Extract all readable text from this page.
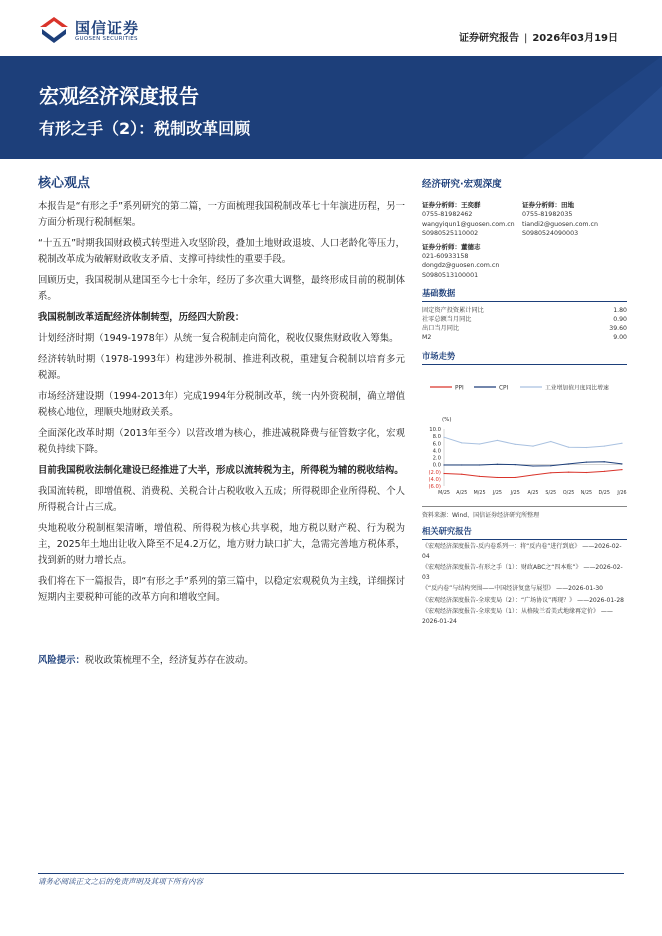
国信证券
GUOSEN SECURITIES	证券研究报告 | 2026年03月19日
宏观经济深度报告
有形之手（2）：税制改革回顾
核心观点

本报告是“有形之手”系列研究的第二篇，一方面梳理我国税制改革七十年演进历程，另一方面分析现行税制框架。

“十五五”时期我国财政模式转型进入攻坚阶段，叠加土地财政退坡、人口老龄化等压力，税制改革成为破解财政收支矛盾、支撑可持续性的重要手段。

回顾历史，我国税制从建国至今七十余年，经历了多次重大调整，最终形成目前的税制体系。

我国税制改革适配经济体制转型，历经四大阶段：

计划经济时期（1949-1978年）从统一复合税制走向简化，税收仅聚焦财政收入筹集。

经济转轨时期（1978-1993年）构建涉外税制、推进利改税，重建复合税制以培育多元税源。

市场经济建设期（1994-2013年）完成1994年分税制改革，统一内外资税制，确立增值税核心地位，理顺央地财政关系。

全面深化改革时期（2013年至今）以营改增为核心，推进减税降费与征管数字化，宏观税负持续下降。

目前我国税收法制化建设已经推进了大半，形成以流转税为主，所得税为辅的税收结构。

我国流转税，即增值税、消费税、关税合计占税收收入五成；所得税即企业所得税、个人所得税合计占三成。

央地税收分税制框架清晰，增值税、所得税为核心共享税，地方税以财产税、行为税为主，2025年土地出让收入降至不足4.2万亿，地方财力缺口扩大，急需完善地方税体系，找到新的财力增长点。

我们将在下一篇报告，即“有形之手”系列的第三篇中，以稳定宏观税负为主线，详细探讨短期内主要税种可能的改革方向和增收空间。

风险提示：税收政策梳理不全，经济复苏存在波动。
经济研究·宏观深度
证券分析师：王奕群
0755-81982462
wangyiqun1@guosen.com.cn
S0980525110002
证券分析师：田地
0755-81982035
tiandi2@guosen.com.cn
S0980524090003
证券分析师：董德志
021-60933158
dongdz@guosen.com.cn
S0980513100001
基础数据
固定资产投资累计同比	1.80
社零总额当月同比	0.90
出口当月同比	39.60
M2	9.00
市场走势
PPI	CPI	工业增加值月度同比增速
(%)
10.0
8.0
6.0
4.0
2.0
0.0
(2.0)
(4.0)
(6.0)
M/25 A/25 M/25 J/25 J/25 A/25 S/25 O/25 N/25 D/25 J/26
资料来源：Wind、国信证券经济研究所整理
相关研究报告
《宏观经济深度报告-反内卷系列一：将“反内卷”进行到底》 ——2026-02-04
《宏观经济深度报告-有形之手（1）：财政ABC之“四本账”》 ——2026-02-03
《“反内卷”与结构突围——中国经济复盘与展望》 ——2026-01-30
《宏观经济深度报告-全球变局（2）：“广场协议”再现？》 ——2026-01-28
《宏观经济深度报告-全球变局（1）：从格陵兰看美式地缘再定价》 ——2026-01-24
请务必阅读正文之后的免责声明及其项下所有内容
